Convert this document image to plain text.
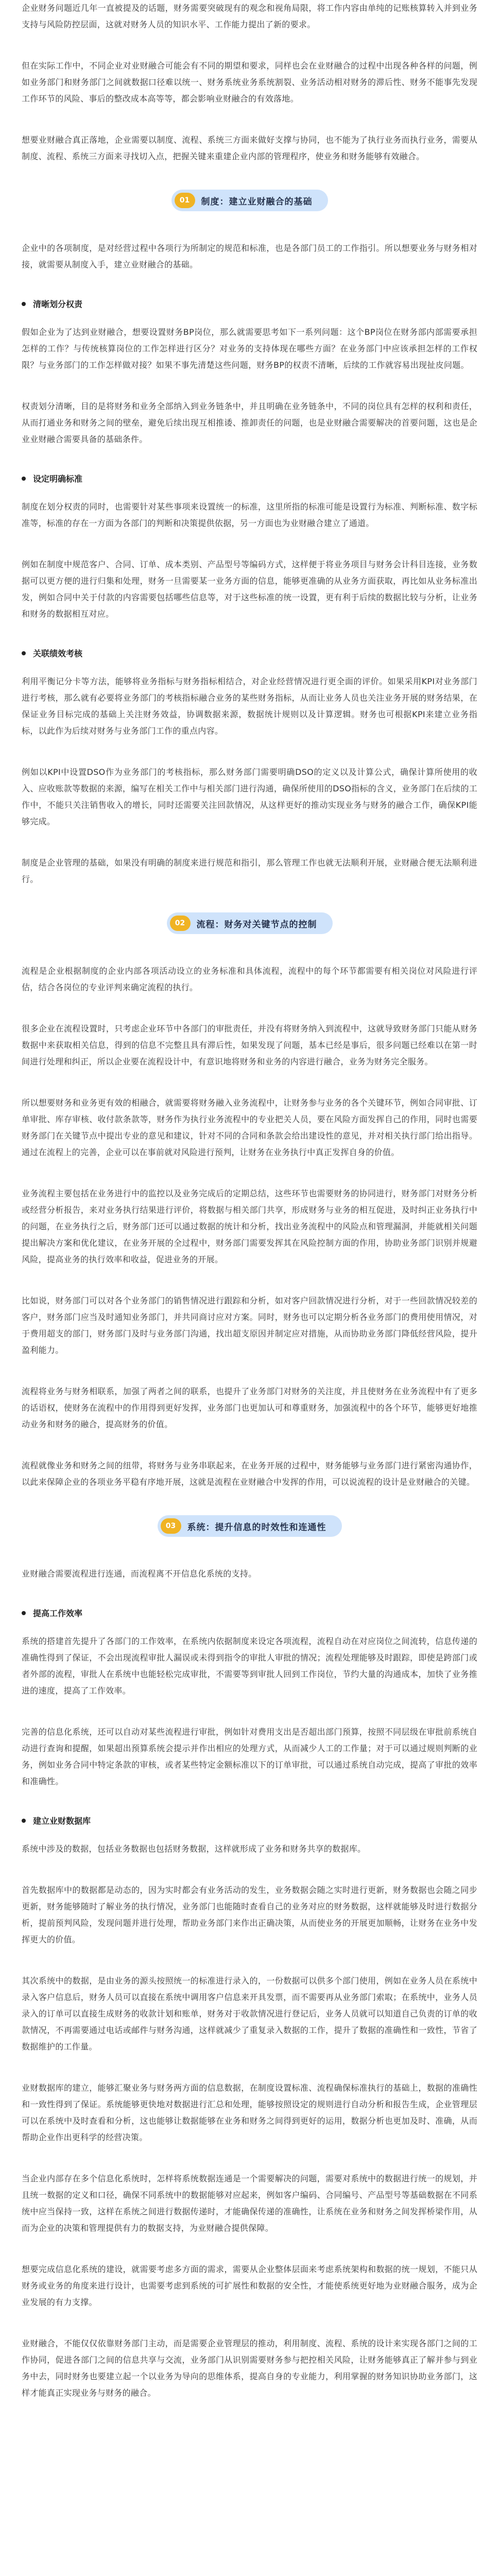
企业财务问题近几年一直被提及的话题，财务需要突破现有的观念和视角局限，将工作内容由单纯的记账核算转入并到业务支持与风险防控层面，这就对财务人员的知识水平、工作能力提出了新的要求。

但在实际工作中，不同企业对业财融合可能会有不同的期望和要求，同样也会在业财融合的过程中出现各种各样的问题，例如业务部门和财务部门之间就数据口径难以统一、财务系统业务系统割裂、业务活动相对财务的滞后性、财务不能事先发现工作环节的风险、事后的整改成本高等等，都会影响业财融合的有效落地。

想要业财融合真正落地，企业需要以制度、流程、系统三方面来做好支撑与协同，也不能为了执行业务而执行业务，需要从制度、流程、系统三方面来寻找切入点，把握关键来重建企业内部的管理程序，使业务和财务能够有效融合。

01	制度：建立业财融合的基础

企业中的各项制度，是对经营过程中各项行为所制定的规范和标准，也是各部门员工的工作指引。所以想要业务与财务相对接，就需要从制度入手，建立业财融合的基础。

清晰划分权责

假如企业为了达到业财融合，想要设置财务BP岗位，那么就需要思考如下一系列问题：这个BP岗位在财务部内部需要承担怎样的工作？与传统核算岗位的工作怎样进行区分？对业务的支持体现在哪些方面？在业务部门中应该承担怎样的工作权限？与业务部门的工作怎样做对接？如果不事先清楚这些问题，财务BP的权责不清晰，后续的工作就容易出现扯皮问题。

权责划分清晰，目的是将财务和业务全部纳入到业务链条中，并且明确在业务链条中，不同的岗位具有怎样的权利和责任，从而打通业务和财务之间的壁垒，避免后续出现互相推诿、推卸责任的问题，也是业财融合需要解决的首要问题，这也是企业业财融合需要具备的基础条件。

设定明确标准

制度在划分权责的同时，也需要针对某些事项来设置统一的标准，这里所指的标准可能是设置行为标准、判断标准、数字标准等，标准的存在一方面为各部门的判断和决策提供依据，另一方面也为业财融合建立了通道。

例如在制度中规范客户、合同、订单、成本类别、产品型号等编码方式，这样便于将业务项目与财务会计科目连接，业务数据可以更方便的进行归集和处理，财务一旦需要某一业务方面的信息，能够更准确的从业务方面获取，再比如从业务标准出发，例如合同中关于付款的内容需要包括哪些信息等，对于这些标准的统一设置，更有利于后续的数据比较与分析，让业务和财务的数据相互对应。

关联绩效考核

利用平衡记分卡等方法，能够将业务指标与财务指标相结合，对企业经营情况进行更全面的评价。如果采用KPI对业务部门进行考核，那么就有必要将业务部门的考核指标融合业务的某些财务指标，从而让业务人员也关注业务开展的财务结果，在保证业务目标完成的基础上关注财务效益，协调数据来源，数据统计规则以及计算逻辑。财务也可根据KPI来建立业务指标，以此作为后续对财务与业务部门工作的重点内容。

例如以KPI中设置DSO作为业务部门的考核指标，那么财务部门需要明确DSO的定义以及计算公式，确保计算所使用的收入、应收账款等数据的来源，编写在相关工作中与相关部门进行沟通，确保所使用的DSO指标的含义，业务部门在后续的工作中，不能只关注销售收入的增长，同时还需要关注回款情况，从这样更好的推动实现业务与财务的融合工作，确保KPI能够完成。

制度是企业管理的基础，如果没有明确的制度来进行规范和指引，那么管理工作也就无法顺利开展，业财融合便无法顺利进行。

02	流程：财务对关键节点的控制

流程是企业根据制度的企业内部各项活动设立的业务标准和具体流程，流程中的每个环节都需要有相关岗位对风险进行评估，结合各岗位的专业评判来确定流程的执行。

很多企业在流程设置时，只考虑企业环节中各部门的审批责任，并没有将财务纳入到流程中，这就导致财务部门只能从财务数据中来获取相关信息，得到的信息不完整且具有滞后性，如果发现了问题，基本已经是事后，很多问题已经难以在第一时间进行处理和纠正，所以企业要在流程设计中，有意识地将财务和业务的内容进行融合，业务为财务完全服务。

所以想要财务和业务更有效的相融合，就需要将财务融入业务流程中，让财务参与业务的各个关键环节，例如合同审批、订单审批、库存审核、收付款条款等，财务作为执行业务流程中的专业把关人员，要在风险方面发挥自己的作用，同时也需要财务部门在关键节点中提出专业的意见和建议，针对不同的合同和条款会给出建设性的意见，并对相关执行部门给出指导。通过在流程上的完善，企业可以在事前就对风险进行预判，让财务在业务执行中真正发挥自身的价值。

业务流程主要包括在业务进行中的监控以及业务完成后的定期总结，这些环节也需要财务的协同进行，财务部门对财务分析或经营分析报告，来对业务执行结果进行评价，将数据与相关部门共享，形成财务与业务的相互促进，及时纠正业务执行中的问题，在业务执行之后，财务部门还可以通过数据的统计和分析，找出业务流程中的风险点和管理漏洞，并能就相关问题提出解决方案和优化建议，在业务开展的全过程中，财务部门需要发挥其在风险控制方面的作用，协助业务部门识别并规避风险，提高业务的执行效率和收益，促进业务的开展。

比如说，财务部门可以对各个业务部门的销售情况进行跟踪和分析，如对客户回款情况进行分析，对于一些回款情况较差的客户，财务部门应当及时通知业务部门，并共同商讨应对方案。同时，财务也可以定期分析各业务部门的费用使用情况，对于费用超支的部门，财务部门及时与业务部门沟通，找出超支原因并制定应对措施，从而协助业务部门降低经营风险，提升盈利能力。

流程将业务与财务相联系，加强了两者之间的联系，也提升了业务部门对财务的关注度，并且使财务在业务流程中有了更多的话语权，使财务在流程中的作用得到更好发挥，业务部门也更加认可和尊重财务，加强流程中的各个环节，能够更好地推动业务和财务的融合，提高财务的价值。

流程就像业务和财务之间的纽带，将财务与业务串联起来，在业务开展的过程中，财务能够与业务部门进行紧密沟通协作，以此来保障企业的各项业务平稳有序地开展，这就是流程在业财融合中发挥的作用，可以说流程的设计是业财融合的关键。

03	系统：提升信息的时效性和连通性

业财融合需要流程进行连通，而流程离不开信息化系统的支持。

提高工作效率

系统的搭建首先提升了各部门的工作效率，在系统内依据制度来设定各项流程，流程自动在对应岗位之间流转，信息传递的准确性得到了保证，不会出现流程审批人漏误或未得到指令的审批人审批的情况；流程处理能够及时跟踪，即使是跨部门或者外部的流程，审批人在系统中也能轻松完成审批，不需要等到审批人回到工作岗位，节约大量的沟通成本，加快了业务推进的速度，提高了工作效率。

完善的信息化系统，还可以自动对某些流程进行审批，例如针对费用支出是否超出部门预算，按照不同层级在审批前系统自动进行查询和提醒，如果超出预算系统会提示并作出相应的处理方式，从而减少人工的工作量；对于可以通过规则判断的业务，例如业务合同中特定条款的审核，或者某些特定金额标准以下的订单审批，可以通过系统自动完成，提高了审批的效率和准确性。

建立业财数据库

系统中涉及的数据，包括业务数据也包括财务数据，这样就形成了业务和财务共享的数据库。

首先数据库中的数据都是动态的，因为实时都会有业务活动的发生，业务数据会随之实时进行更新，财务数据也会随之同步更新，财务能够随时了解业务的执行情况，业务部门也能随时查看自己的业务对应的财务数据，这样就能够及时进行数据分析，提前预判风险，发现问题并进行处理，帮助业务部门来作出正确决策，从而使业务的开展更加顺畅，让财务在业务中发挥更大的价值。

其次系统中的数据，是由业务的源头按照统一的标准进行录入的，一份数据可以供多个部门使用，例如在业务人员在系统中录入客户信息后，财务人员可以直接在系统中调用客户信息来开具发票，而不需要再从业务部门索取；在系统中，业务人员录入的订单可以直接生成财务的收款计划和账单，财务对于收款情况进行登记后，业务人员就可以知道自己负责的订单的收款情况，不再需要通过电话或邮件与财务沟通，这样就减少了重复录入数据的工作，提升了数据的准确性和一致性，节省了数据维护的工作量。

业财数据库的建立，能够汇聚业务与财务两方面的信息数据，在制度设置标准、流程确保标准执行的基础上，数据的准确性和一致性得到了保证。系统能够更快地对数据进行汇总和处理，能够按照设定的规则进行自动分析和报告生成，企业管理层可以在系统中及时查看和分析，这也能够让数据能够在业务和财务之间得到更好的运用，数据分析也更加及时、准确，从而帮助企业作出更科学的经营决策。

当企业内部存在多个信息化系统时，怎样将系统数据连通是一个需要解决的问题，需要对系统中的数据进行统一的规划，并且统一数据的定义和口径，确保不同系统中的数据能够对应起来，例如客户编码、合同编号、产品型号等基础数据在不同系统中应当保持一致，这样在系统之间进行数据传递时，才能确保传递的准确性，让系统在业务和财务之间发挥桥梁作用，从而为企业的决策和管理提供有力的数据支持，为业财融合提供保障。

想要完成信息化系统的建设，就需要考虑多方面的需求，需要从企业整体层面来考虑系统架构和数据的统一规划，不能只从财务或业务的角度来进行设计，也需要考虑到系统的可扩展性和数据的安全性，才能使系统更好地为业财融合服务，成为企业发展的有力支撑。

业财融合，不能仅仅依靠财务部门主动，而是需要企业管理层的推动，利用制度、流程、系统的设计来实现各部门之间的工作协同，促进各部门之间的信息共享与交流，业务部门从识别需要财务参与把控相关风险，让财务能够真正了解并参与到业务中去，同时财务也要建立起一个以业务为导向的思维体系，提高自身的专业能力，利用掌握的财务知识协助业务部门，这样才能真正实现业务与财务的融合。
